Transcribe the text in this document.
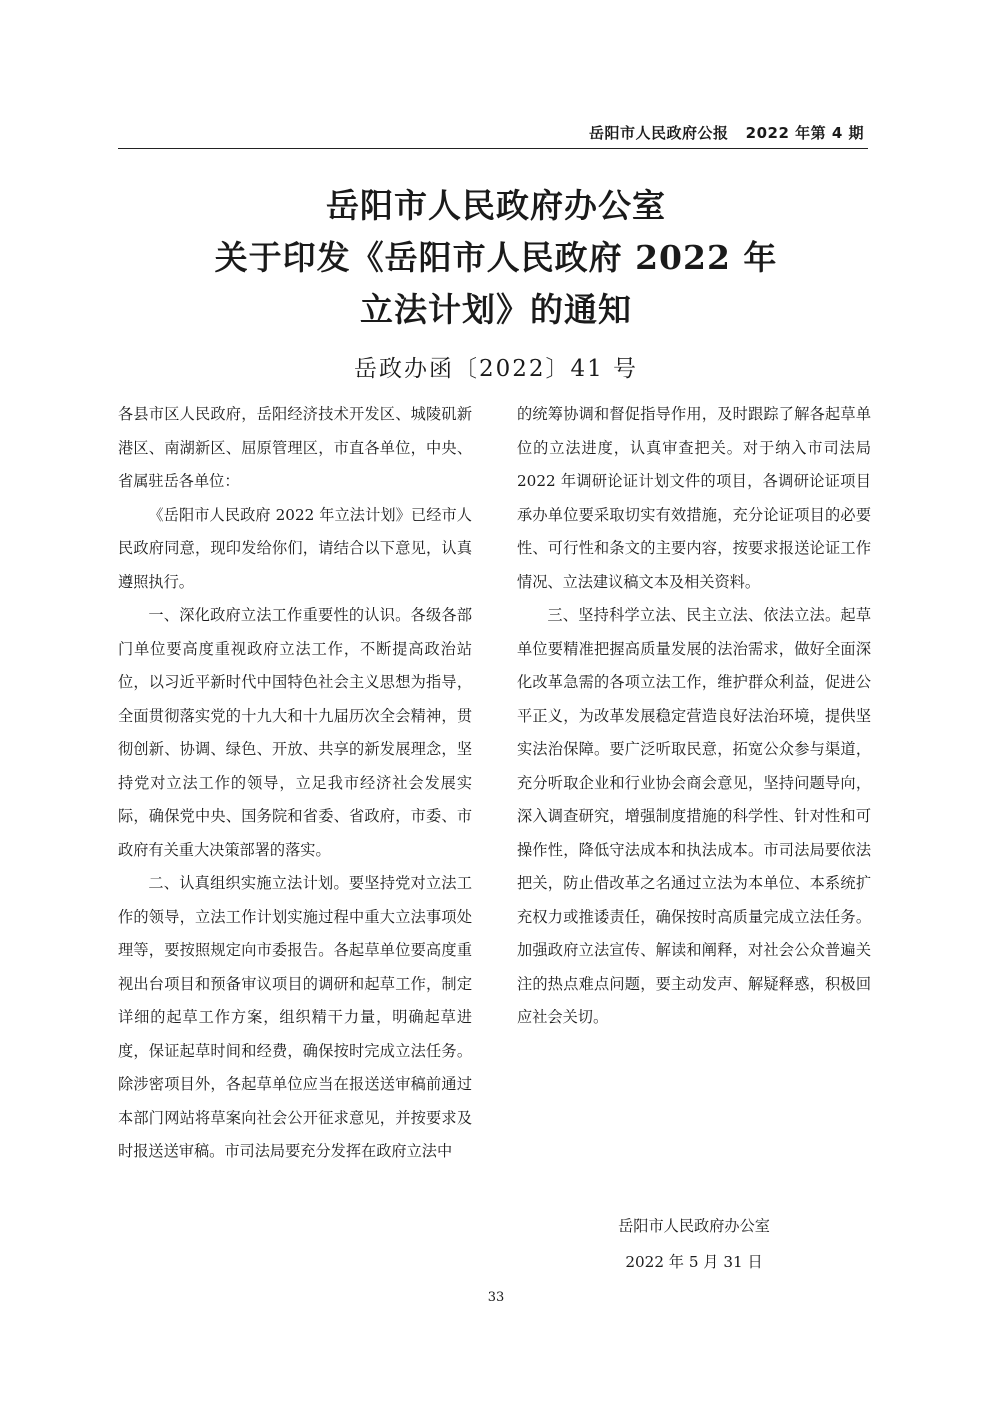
岳阳市人民政府公报 2022 年第 4 期
岳阳市人民政府办公室
关于印发《岳阳市人民政府 2022 年
立法计划》的通知
岳政办函〔2022〕41 号

各县市区人民政府，岳阳经济技术开发区、城陵矶新港区、南湖新区、屈原管理区，市直各单位，中央、省属驻岳各单位：

《岳阳市人民政府 2022 年立法计划》已经市人民政府同意，现印发给你们，请结合以下意见，认真遵照执行。

一、深化政府立法工作重要性的认识。各级各部门单位要高度重视政府立法工作，不断提高政治站位，以习近平新时代中国特色社会主义思想为指导，全面贯彻落实党的十九大和十九届历次全会精神，贯彻创新、协调、绿色、开放、共享的新发展理念，坚持党对立法工作的领导，立足我市经济社会发展实际，确保党中央、国务院和省委、省政府，市委、市政府有关重大决策部署的落实。

二、认真组织实施立法计划。要坚持党对立法工作的领导，立法工作计划实施过程中重大立法事项处理等，要按照规定向市委报告。各起草单位要高度重视出台项目和预备审议项目的调研和起草工作，制定详细的起草工作方案，组织精干力量，明确起草进度，保证起草时间和经费，确保按时完成立法任务。除涉密项目外，各起草单位应当在报送送审稿前通过本部门网站将草案向社会公开征求意见，并按要求及时报送送审稿。市司法局要充分发挥在政府立法中

的统筹协调和督促指导作用，及时跟踪了解各起草单位的立法进度，认真审查把关。对于纳入市司法局 2022 年调研论证计划文件的项目，各调研论证项目承办单位要采取切实有效措施，充分论证项目的必要性、可行性和条文的主要内容，按要求报送论证工作情况、立法建议稿文本及相关资料。

三、坚持科学立法、民主立法、依法立法。起草单位要精准把握高质量发展的法治需求，做好全面深化改革急需的各项立法工作，维护群众利益，促进公平正义，为改革发展稳定营造良好法治环境，提供坚实法治保障。要广泛听取民意，拓宽公众参与渠道，充分听取企业和行业协会商会意见，坚持问题导向，深入调查研究，增强制度措施的科学性、针对性和可操作性，降低守法成本和执法成本。市司法局要依法把关，防止借改革之名通过立法为本单位、本系统扩充权力或推诿责任，确保按时高质量完成立法任务。加强政府立法宣传、解读和阐释，对社会公众普遍关注的热点难点问题，要主动发声、解疑释惑，积极回应社会关切。

岳阳市人民政府办公室
2022 年 5 月 31 日
33
